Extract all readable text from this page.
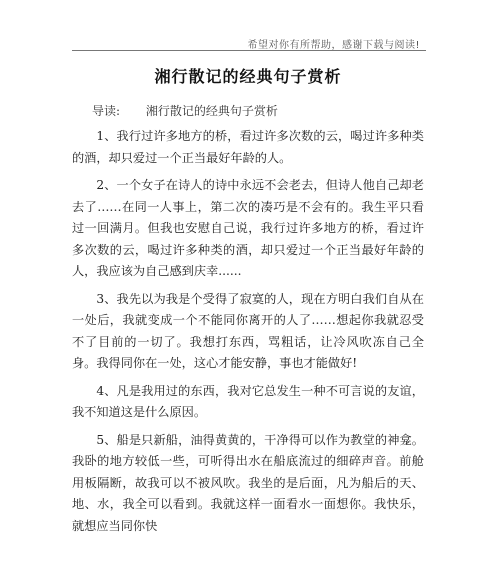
希望对你有所帮助，感谢下载与阅读!
湘行散记的经典句子赏析
导读: 湘行散记的经典句子赏析

1、我行过许多地方的桥，看过许多次数的云，喝过许多种类的酒，却只爱过一个正当最好年龄的人。

2、一个女子在诗人的诗中永远不会老去，但诗人他自己却老去了……在同一人事上，第二次的凑巧是不会有的。我生平只看过一回满月。但我也安慰自己说，我行过许多地方的桥，看过许多次数的云，喝过许多种类的酒，却只爱过一个正当最好年龄的人，我应该为自己感到庆幸......

3、我先以为我是个受得了寂寞的人，现在方明白我们自从在一处后，我就变成一个不能同你离开的人了……想起你我就忍受不了目前的一切了。我想打东西，骂粗话，让冷风吹冻自己全身。我得同你在一处，这心才能安静，事也才能做好!

4、凡是我用过的东西，我对它总发生一种不可言说的友谊，我不知道这是什么原因。

5、船是只新船，油得黄黄的，干净得可以作为教堂的神龛。我卧的地方较低一些，可听得出水在船底流过的细碎声音。前舱用板隔断，故我可以不被风吹。我坐的是后面，凡为船后的天、地、水，我全可以看到。我就这样一面看水一面想你。我快乐，就想应当同你快
